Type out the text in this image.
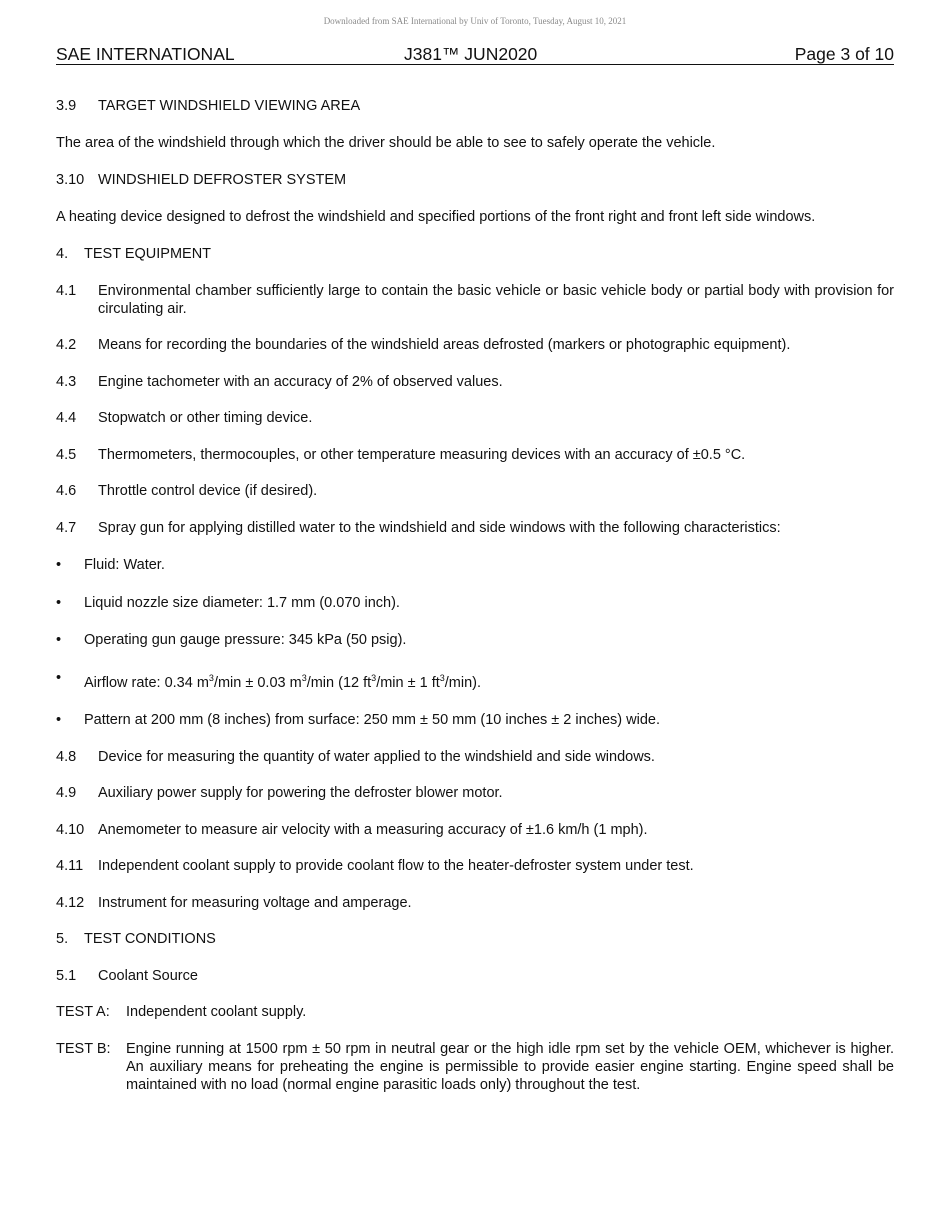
Downloaded from SAE International by Univ of Toronto, Tuesday, August 10, 2021
SAE INTERNATIONAL	J381™ JUN2020	Page 3 of 10
3.9	TARGET WINDSHIELD VIEWING AREA

The area of the windshield through which the driver should be able to see to safely operate the vehicle.

3.10 WINDSHIELD DEFROSTER SYSTEM

A heating device designed to defrost the windshield and specified portions of the front right and front left side windows.

4.	TEST EQUIPMENT
4.1	Environmental chamber sufficiently large to contain the basic vehicle or basic vehicle body or partial body with provision for circulating air.
4.2	Means for recording the boundaries of the windshield areas defrosted (markers or photographic equipment).
4.3	Engine tachometer with an accuracy of 2% of observed values.
4.4	Stopwatch or other timing device.
4.5	Thermometers, thermocouples, or other temperature measuring devices with an accuracy of ±0.5 °C.
4.6	Throttle control device (if desired).
4.7	Spray gun for applying distilled water to the windshield and side windows with the following characteristics:
•	Fluid: Water.
•	Liquid nozzle size diameter: 1.7 mm (0.070 inch).
•	Operating gun gauge pressure: 345 kPa (50 psig).
•	Airflow rate: 0.34 $m^3/\min \pm 0.03$ $m^3/\min$ (12 $ft^3/\min \pm 1$ $ft^3/\min$).
•	Pattern at 200 mm (8 inches) from surface: 250 mm ± 50 mm (10 inches ± 2 inches) wide.
4.8	Device for measuring the quantity of water applied to the windshield and side windows.
4.9	Auxiliary power supply for powering the defroster blower motor.
4.10 Anemometer to measure air velocity with a measuring accuracy of ±1.6 km/h (1 mph).
4.11	Independent coolant supply to provide coolant flow to the heater-defroster system under test.
4.12 Instrument for measuring voltage and amperage.
5.	TEST CONDITIONS
5.1	Coolant Source
TEST A:	Independent coolant supply.
TEST B:	Engine running at 1500 rpm ± 50 rpm in neutral gear or the high idle rpm set by the vehicle OEM, whichever is higher. An auxiliary means for preheating the engine is permissible to provide easier engine starting. Engine speed shall be maintained with no load (normal engine parasitic loads only) throughout the test.
